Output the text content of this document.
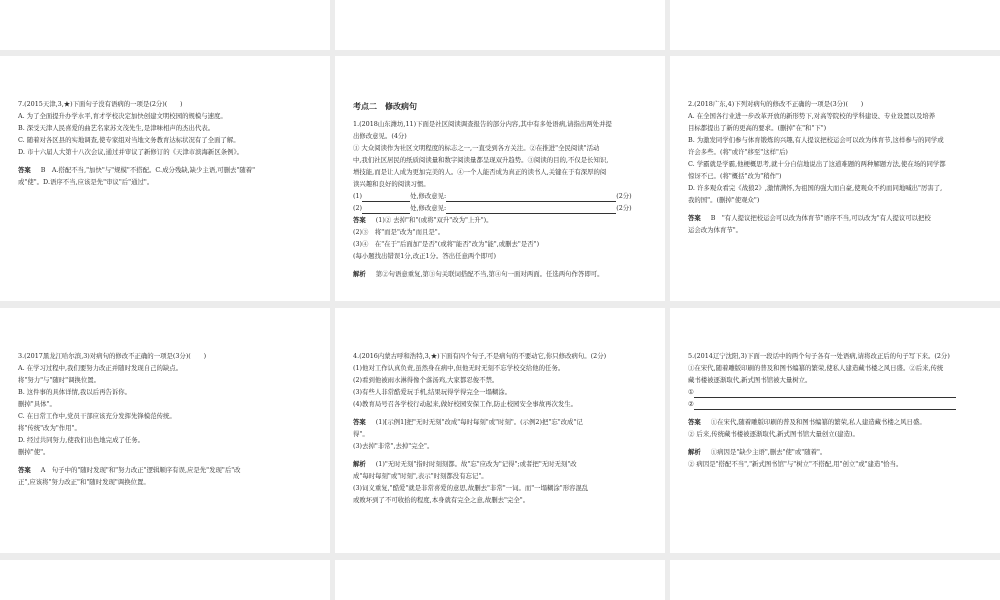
7.(2015天津,3,★)下面句子没有语病的一项是(2分)(　　)
A. 为了全面提升办学水平,育才学校决定加快创建文明校园的规模与速度。
B. 深受天津人民喜爱的曲艺名家苏文茂先生,是津味相声的杰出代表。
C. 随着对各区县的实地调查,使专家组对当地文务教育达标状况有了全面了解。
D. 市十六届人大第十八次会议,通过并审议了新修订的《天津市滨海新区条例》。
答案 B　A.搭配不当,"加快"与"规模"不搭配。C.成分残缺,缺少主语,可删去"随着"
或"使"。D.语序不当,应该是先"审议"后"通过"。
考点二　修改病句
1.(2018山东潍坊,11)下面是社区阅读调查报告的部分内容,其中有多处语病,请指出两处并提
出修改意见。(4分)
① 大众阅读作为社区文明程度的标志之一,一直受到各方关注。②在推进"全民阅读"活动
中,我们社区居民的纸质阅读量和数字阅读量都呈现双升趋势。③阅读的目的,不仅是长知识,
增技能,而是让人成为更加完美的人。④一个人能否成为真正的读书人,关键在于有深厚的阅
读兴趣和良好的阅读习惯。
(1)	处,修改意见:	(2分)
(2)	处,修改意见:	(2分)
答案 (1)② 去掉"和"(或将"双升"改为"上升")。
(2)③　将"而是"改为"而且是"。
(3)④　在"在于"后面加"是否"(或将"能否"改为"能",或删去"是否")
(每小题找出错误1分,改正1分。答出任意两个即可)
解析 第②句语意重复,第③句关联词搭配不当,第④句一面对两面。任选两句作答即可。
2.(2018广东,4)下列对病句的修改不正确的一项是(3分)(　　)
A. 在全国各行业进一步改革开放的新形势下,对高等院校的学科建设、专业设置以及培养
目标都提出了新的更高的要求。(删掉"在"和"下")
B. 为激发同学们参与体育锻炼的兴趣,有人提议把校运会可以改为体育节,这样参与的同学或
许会多些。(将"或许"移至"这样"后)
C. 学霸就是学霸,他梗概思考,就十分自信地说出了这道难题的两种解题方法,使在场的同学都
惊讶不已。(将"概括"改为"稍作")
D. 许多观众看完《战狼2》,激情满怀,为祖国的强大而自豪,使观众不约而同地喊出"厉害了,
我的国"。(删掉"使观众")
答案 B　"有人提议把校运会可以改为体育节"语序不当,可以改为"有人提议可以把校
运会改为体育节"。
3.(2017黑龙江哈尔滨,3)对病句的修改不正确的一项是(3分)(　　)
A. 在学习过程中,我们要努力改正并随时发现自己的缺点。
将"努力"与"随时"调换位置。
B. 这件事的具体详情,我以后再告诉你。
删掉"具体"。
C. 在日常工作中,党员干部应该充分发挥先锋模范传统。
将"传统"改为"作用"。
D. 经过共同努力,使我们出色地完成了任务。
删掉"使"。
答案 A　句子中的"随时发现"和"努力改正"逻辑顺序有误,应是先"发现"后"改
正",应该将"努力改正"和"随时发现"调换位置。
4.(2016内蒙古呼和浩特,3,★)下面有四个句子,不是病句的不要动它,你只修改病句。(2分)
(1)他对工作认真负责,虽然身在病中,但他无时无刻不忘学校交给他的任务。
(2)看到他被雨水淋得像个落汤鸡,大家都忍俊不禁。
(3)有些人非常酷爱玩手机,结果玩得学得完全一塌糊涂。
(4)教育局号召各学校行动起来,做好校园安保工作,防止校园安全事故再次发生。
答案 (1)[示例1]把"无时无刻"改成"每时每刻"或"时刻"。(示例2)把"忘"改成"记
得"。
(3)去掉"非常",去掉"完全"。
解析 (1)"无时无刻"指时时刻刻都。故"忘"应改为"记得";或者把"无时无刻"改
成"每时每刻"或"时刻",表示"时刻都没有忘记"。
(3)词义重复,"酷爱"就是非常喜爱的意思,故删去"非常"一词。而"一塌糊涂"形容混乱
或败坏到了不可收拾的程度,本身就有完全之意,故删去"完全"。
5.(2014辽宁沈阳,3)下面一段话中的两个句子各有一处语病,请将改正后的句子写下来。(2分)
①在宋代,随着雕版印刷的普及和图书编纂的繁荣,使私人建造藏书楼之风日盛。②后来,传统
藏书楼被逐渐取代,新式图书馆被大量树立。
①
②
答案 ①在宋代,随着雕版印刷的普及和图书编纂的繁荣,私人建造藏书楼之风日盛。
② 后来,传统藏书楼被逐渐取代,新式图书馆大量创立(建造)。
解析 ①病因是"缺少主语",删去"使"或"随着"。
② 病因是"搭配不当","新式图书馆"与"树立"不搭配,用"创立"或"建造"恰当。
